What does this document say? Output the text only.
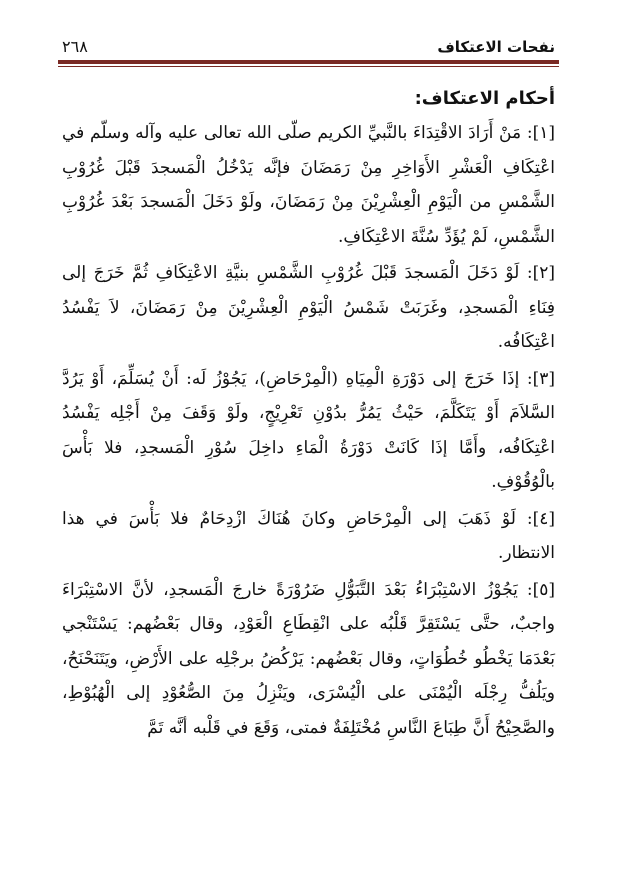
نفحات الاعتكاف
٢٦٨
أحكام الاعتكاف:

[١]: مَنْ أَرَادَ الاقْتِدَاءَ بالنَّبيِّ الكريم صلّى الله تعالى عليه وآله وسلّم في اعْتِكَافِ الْعَشْرِ الأَوَاخِرِ مِنْ رَمَضَانَ فإنَّه يَدْخُلُ الْمَسجدَ قَبْلَ غُرُوْبِ الشَّمْسِ من الْيَوْمِ الْعِشْرِيْنَ مِنْ رَمَضَانَ، ولَوْ دَخَلَ الْمَسجدَ بَعْدَ غُرُوْبِ الشَّمْسِ، لَمْ يُؤَدِّ سُنَّةَ الاعْتِكَافِ.

[٢]: لَوْ دَخَلَ الْمَسجدَ قَبْلَ غُرُوْبِ الشَّمْسِ بنيَّةِ الاعْتِكَافِ ثُمَّ خَرَجَ إلى فِنَاءِ الْمَسجدِ، وغَرَبَتْ شَمْسُ الْيَوْمِ الْعِشْرِيْنَ مِنْ رَمَضَانَ، لاَ يَفْسُدُ اعْتِكَافُه.

[٣]: إذَا خَرَجَ إلى دَوْرَةِ الْمِيَاهِ (الْمِرْحَاضِ)، يَجُوْزُ لَه: أَنْ يُسَلِّمَ، أَوْ يَرُدَّ السَّلاَمَ أَوْ يَتَكَلَّمَ، حَيْثُ يَمُرُّ بدُوْنِ تَعْرِيْجٍ، ولَوْ وَقَفَ مِنْ أَجْلِه يَفْسُدُ اعْتِكَافُه، وأَمَّا إذَا كَانَتْ دَوْرَةُ الْمَاءِ داخِلَ سُوْرِ الْمَسجدِ، فلا بَأْسَ بالْوُقُوْفِ.

[٤]: لَوْ ذَهَبَ إلى الْمِرْحَاضِ وكانَ هُنَاكَ ازْدِحَامٌ فلا بَأْسَ في هذا الانتظار.

[٥]: يَجُوْزُ الاسْتِبْرَاءُ بَعْدَ التَّبَوُّلِ ضَرُوْرَةً خارجَ الْمَسجدِ، لأنَّ الاسْتِبْرَاءَ واجبٌ، حتَّى يَسْتَقِرَّ قَلْبُه على انْقِطَاعِ الْعَوْدِ، وقال بَعْضُهم: يَسْتَنْجي بَعْدَمَا يَخْطُو خُطُوَاتٍ، وقال بَعْضُهم: يَرْكُضُ برجْلِه على الأَرْضِ، ويَتَنَحْنَحُ، ويَلُفُّ رِجْلَه الْيُمْنَى على الْيُسْرَى، ويَنْزِلُ مِنَ الصُّعُوْدِ إلى الْهُبُوْطِ، والصَّحِيْحُ أَنَّ طِبَاعَ النَّاسِ مُخْتَلِفَةٌ فمتى، وَقَعَ في قَلْبه أنَّه تَمَّ
